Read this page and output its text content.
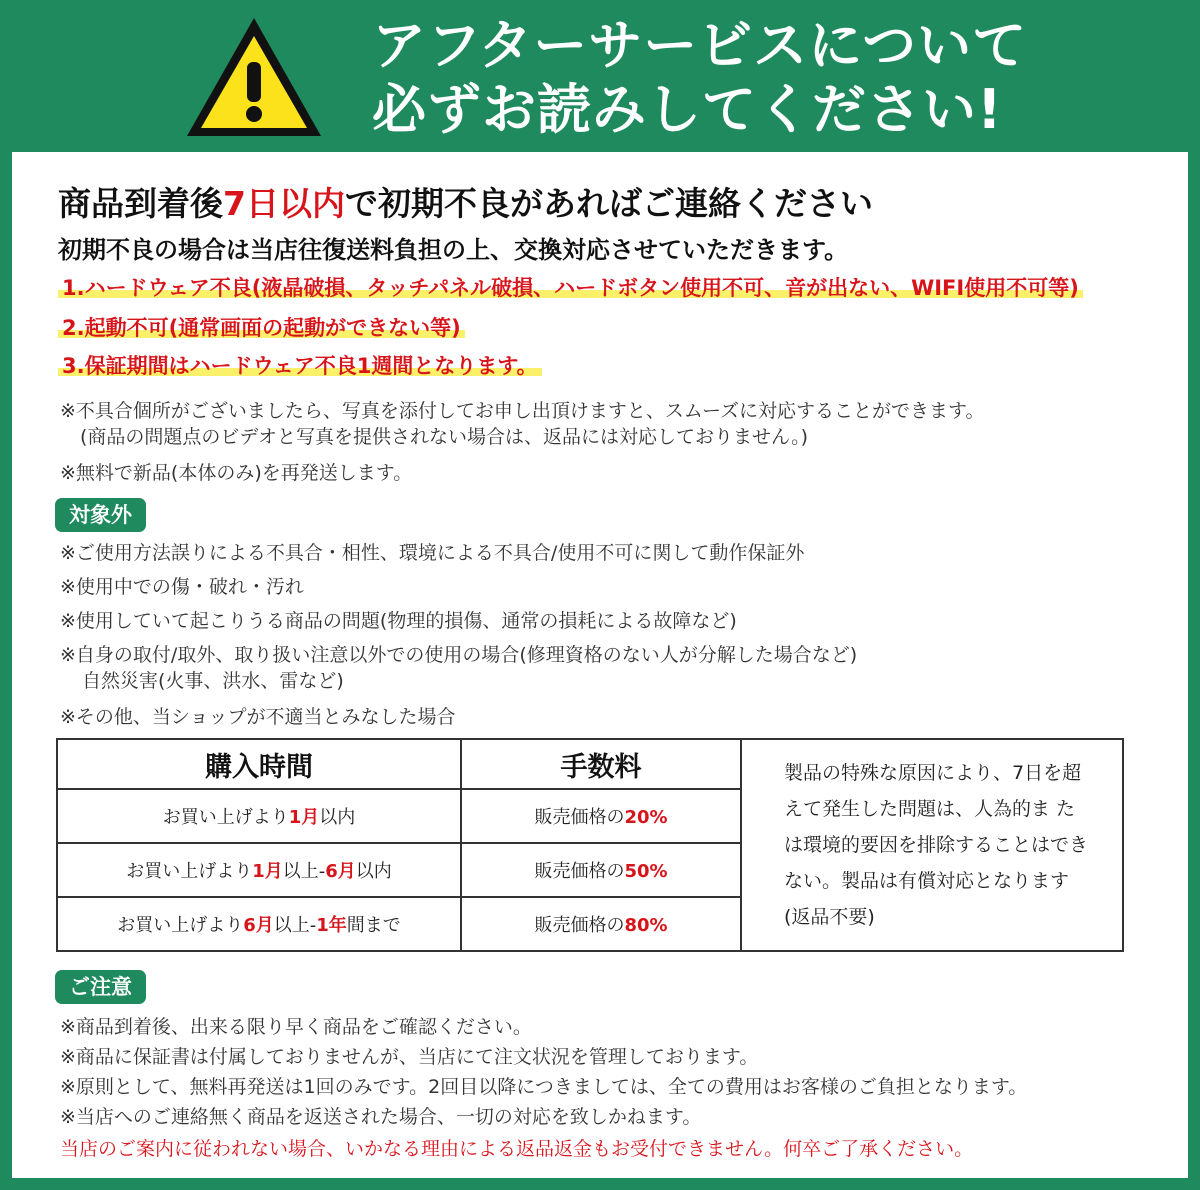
アフターサービスについて
必ずお読みしてください!
商品到着後7日以内で初期不良があればご連絡ください
初期不良の場合は当店往復送料負担の上、交換対応させていただきます。
1.ハードウェア不良(液晶破損、タッチパネル破損、ハードボタン使用不可、音が出ない、WIFI使用不可等)
2.起動不可(通常画面の起動ができない等)
3.保証期間はハードウェア不良1週間となります。
※不具合個所がございましたら、写真を添付してお申し出頂けますと、スムーズに対応することができます。
(商品の問題点のビデオと写真を提供されない場合は、返品には対応しておりません。)
※無料で新品(本体のみ)を再発送します。
対象外
※ご使用方法誤りによる不具合・相性、環境による不具合/使用不可に関して動作保証外
※使用中での傷・破れ・汚れ
※使用していて起こりうる商品の問題(物理的損傷、通常の損耗による故障など)
※自身の取付/取外、取り扱い注意以外での使用の場合(修理資格のない人が分解した場合など)
自然災害(火事、洪水、雷など)
※その他、当ショップが不適当とみなした場合
購入時間	手数料	製品の特殊な原因により、7日を超えて発生した問題は、人為的ま たは環境的要因を排除することはできない。製品は有償対応となります(返品不要)
お買い上げより1月以内	販売価格の20%	
お買い上げより1月以上-6月以内	販売価格の50%	
お買い上げより6月以上-1年間まで	販売価格の80%	
ご注意
※商品到着後、出来る限り早く商品をご確認ください。
※商品に保証書は付属しておりませんが、当店にて注文状況を管理しております。
※原則として、無料再発送は1回のみです。2回目以降につきましては、全ての費用はお客様のご負担となります。
※当店へのご連絡無く商品を返送された場合、一切の対応を致しかねます。
当店のご案内に従われない場合、いかなる理由による返品返金もお受付できません。何卒ご了承ください。
